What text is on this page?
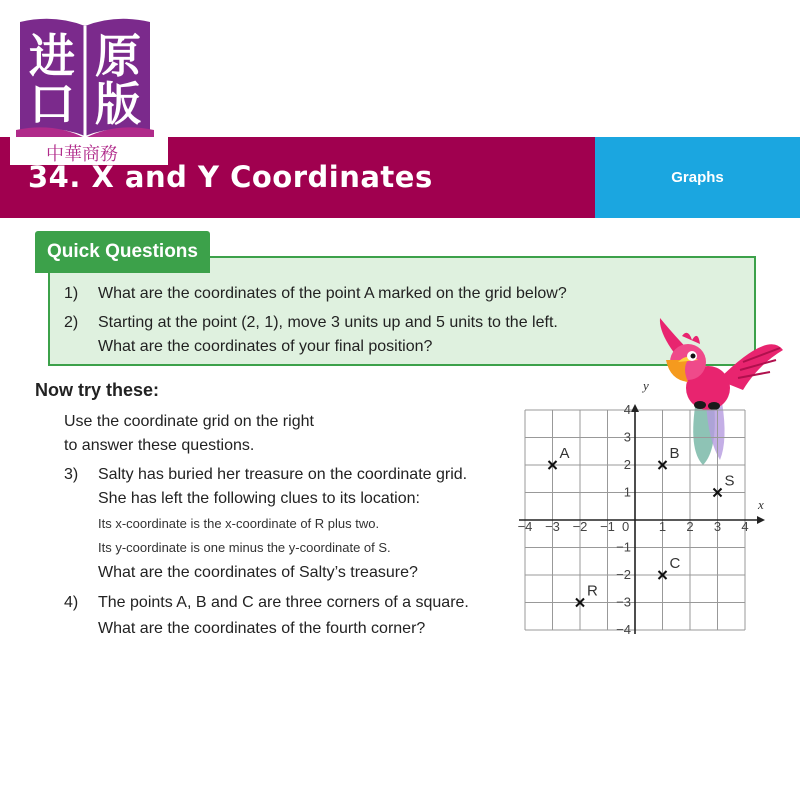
进 原
口 版
中華商務
34. X and Y Coordinates	Graphs
Quick Questions
1) What are the coordinates of the point A marked on the grid below?
2) Starting at the point (2, 1), move 3 units up and 5 units to the left.
What are the coordinates of your final position?
Now try these:
Use the coordinate grid on the right
to answer these questions.
3) Salty has buried her treasure on the coordinate grid.
She has left the following clues to its location:
Its x-coordinate is the x-coordinate of R plus two.
Its y-coordinate is one minus the y-coordinate of S.
What are the coordinates of Salty’s treasure?
4) The points A, B and C are three corners of a square.
What are the coordinates of the fourth corner?
−4 −3 −2 −1	1 2 3 4
4
3
2
1
−1
−2
−3
−4
A	B
S
C
R
x
y
0
